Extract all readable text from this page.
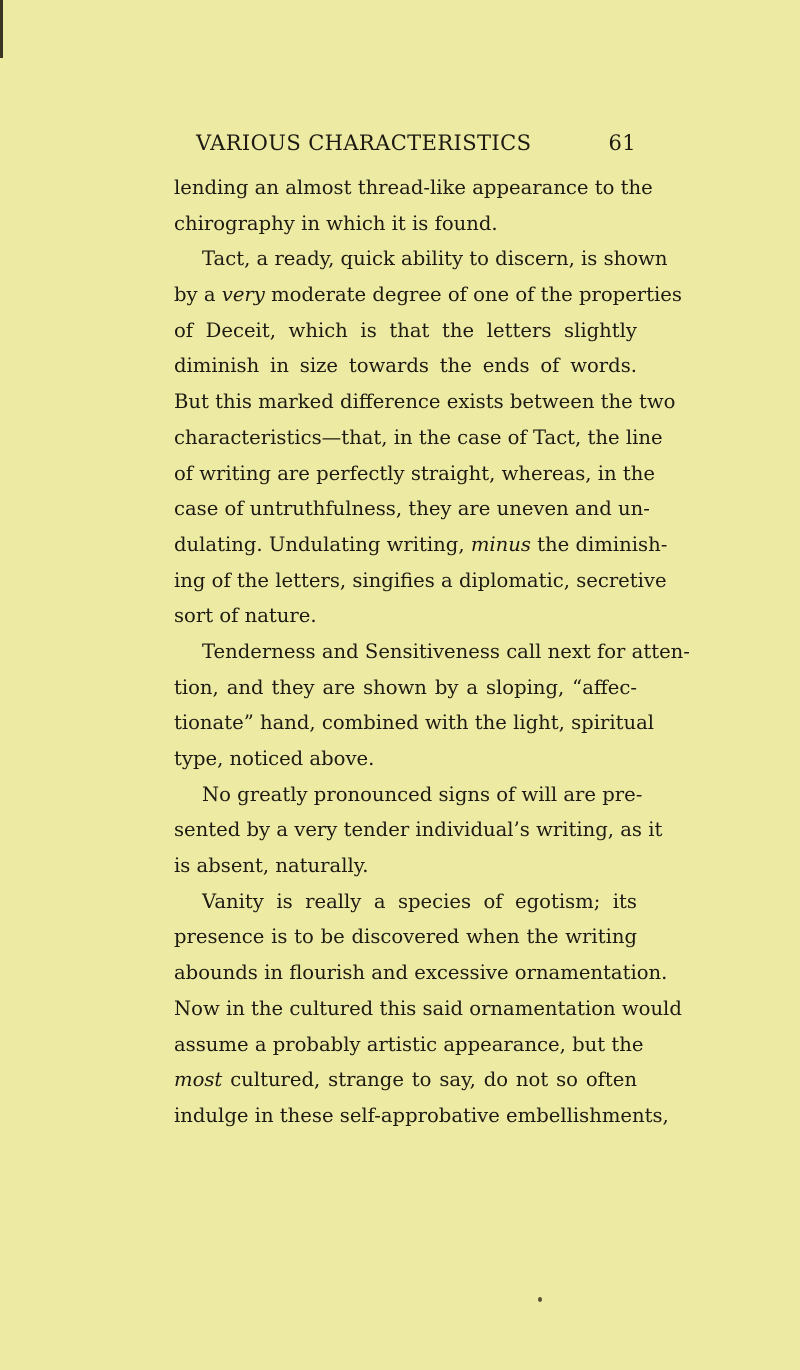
VARIOUS CHARACTERISTICS	61
lending an almost thread-like appearance to the
chirography in which it is found.
Tact, a ready, quick ability to discern, is shown
by a very moderate degree of one of the properties
of Deceit, which is that the letters slightly
diminish in size towards the ends of words.
But this marked difference exists between the two
characteristics—that, in the case of Tact, the line
of writing are perfectly straight, whereas, in the
case of untruthfulness, they are uneven and un-
dulating. Undulating writing, minus the diminish-
ing of the letters, singifies a diplomatic, secretive
sort of nature.
Tenderness and Sensitiveness call next for atten-
tion, and they are shown by a sloping, “affec-
tionate” hand, combined with the light, spiritual
type, noticed above.
No greatly pronounced signs of will are pre-
sented by a very tender individual’s writing, as it
is absent, naturally.
Vanity is really a species of egotism; its
presence is to be discovered when the writing
abounds in flourish and excessive ornamentation.
Now in the cultured this said ornamentation would
assume a probably artistic appearance, but the
most cultured, strange to say, do not so often
indulge in these self-approbative embellishments,
